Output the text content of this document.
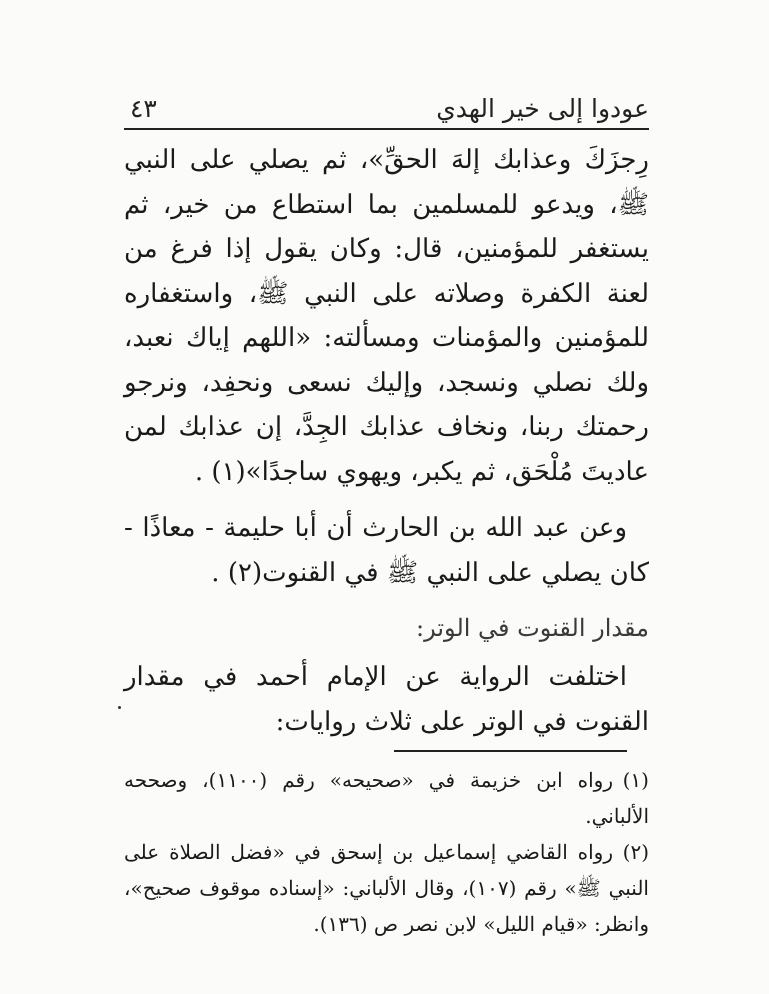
عودوا إلى خير الهدي
٤٣

رِجزَكَ وعذابك إلهَ الحقِّ»، ثم يصلي على النبي ﷺ، ويدعو للمسلمين بما استطاع من خير، ثم يستغفر للمؤمنين، قال: وكان يقول إذا فرغ من لعنة الكفرة وصلاته على النبي ﷺ، واستغفاره للمؤمنين والمؤمنات ومسألته: «اللهم إياك نعبد، ولك نصلي ونسجد، وإليك نسعى ونحفِد، ونرجو رحمتك ربنا، ونخاف عذابك الجِدَّ، إن عذابك لمن عاديتَ مُلْحَق، ثم يكبر، ويهوي ساجدًا»(١) .

وعن عبد الله بن الحارث أن أبا حليمة - معاذًا - كان يصلي على النبي ﷺ في القنوت(٢) .

مقدار القنوت في الوتر:

اختلفت الرواية عن الإمام أحمد في مقدار القنوت في الوتر على ثلاث روايات:

(١)رواه ابن خزيمة في «صحيحه» رقم (١١٠٠)، وصححه الألباني.

(٢)رواه القاضي إسماعيل بن إسحق في «فضل الصلاة على النبي ﷺ» رقم (١٠٧)، وقال الألباني: «إسناده موقوف صحيح»، وانظر: «قيام الليل» لابن نصر ص (١٣٦).
